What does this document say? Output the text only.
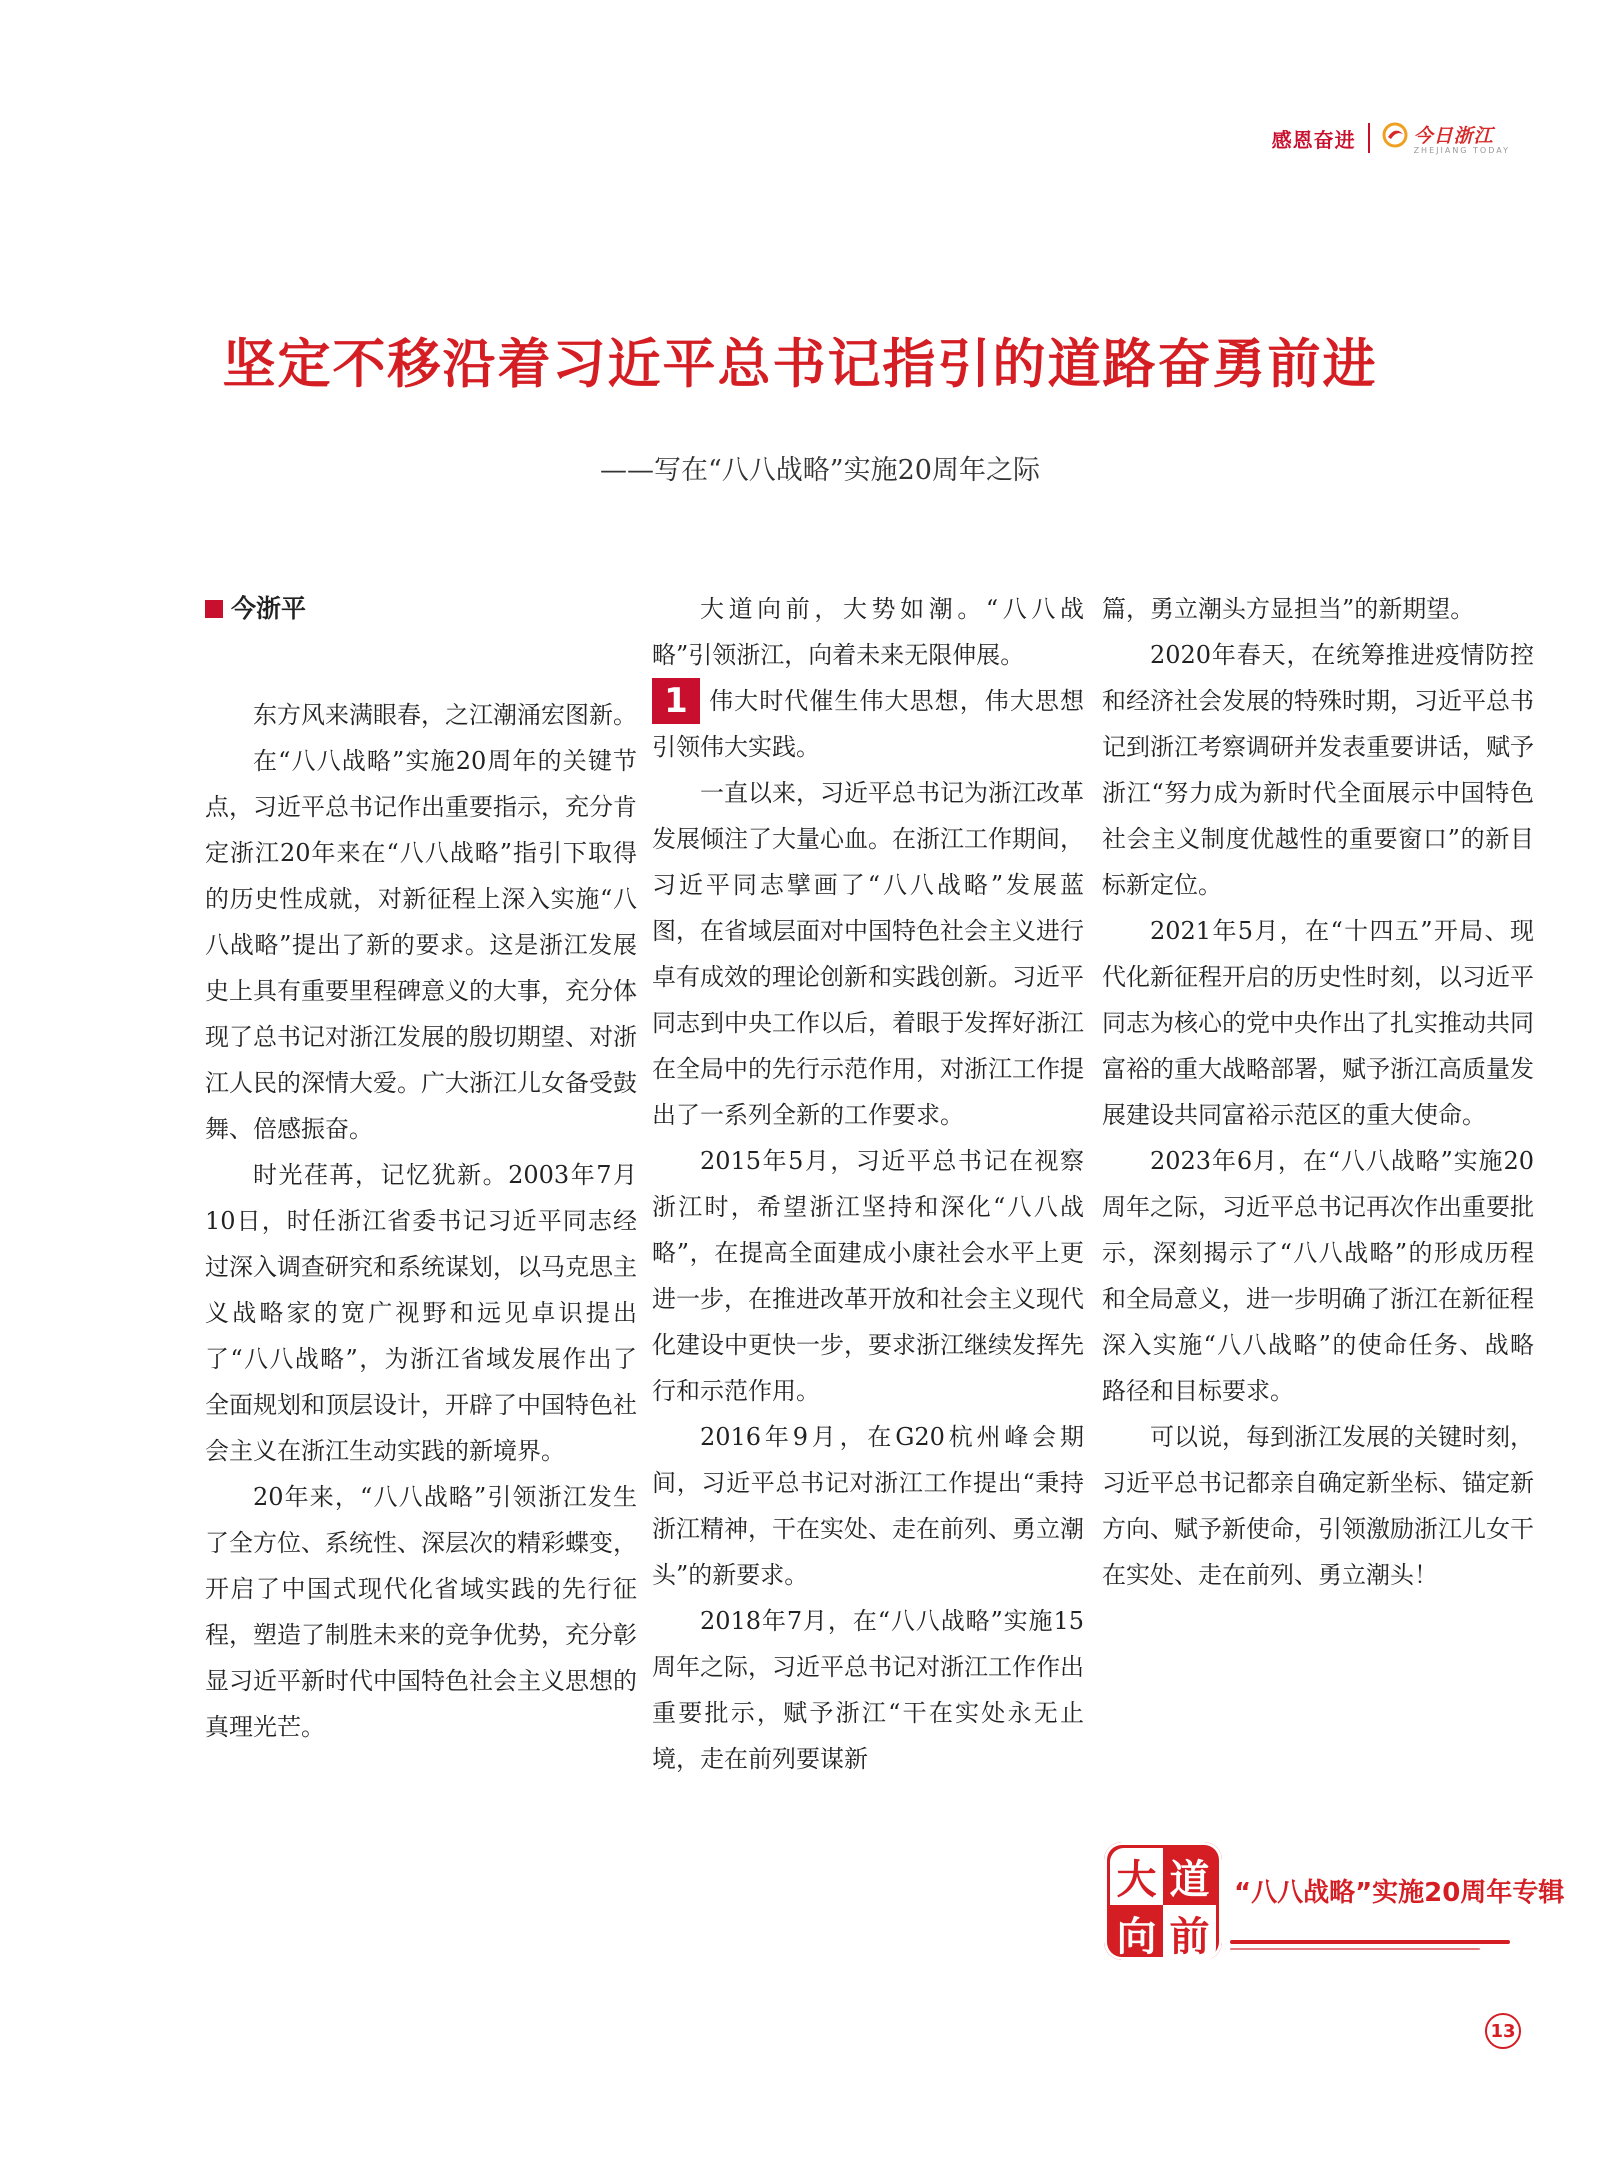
感恩奋进	今日浙江
ZHEJIANG TODAY
坚定不移沿着习近平总书记指引的道路奋勇前进

——写在“八八战略”实施20周年之际

今浙平

东方风来满眼春，之江潮涌宏图新。

在“八八战略”实施20周年的关键节点，习近平总书记作出重要指示，充分肯定浙江20年来在“八八战略”指引下取得的历史性成就，对新征程上深入实施“八八战略”提出了新的要求。这是浙江发展史上具有重要里程碑意义的大事，充分体现了总书记对浙江发展的殷切期望、对浙江人民的深情大爱。广大浙江儿女备受鼓舞、倍感振奋。

时光荏苒，记忆犹新。2003年7月10日，时任浙江省委书记习近平同志经过深入调查研究和系统谋划，以马克思主义战略家的宽广视野和远见卓识提出了“八八战略”，为浙江省域发展作出了全面规划和顶层设计，开辟了中国特色社会主义在浙江生动实践的新境界。

20年来，“八八战略”引领浙江发生了全方位、系统性、深层次的精彩蝶变，开启了中国式现代化省域实践的先行征程，塑造了制胜未来的竞争优势，充分彰显习近平新时代中国特色社会主义思想的真理光芒。

大道向前，大势如潮。“八八战略”引领浙江，向着未来无限伸展。

1 伟大时代催生伟大思想，伟大思想引领伟大实践。

一直以来，习近平总书记为浙江改革发展倾注了大量心血。在浙江工作期间，习近平同志擘画了“八八战略”发展蓝图，在省域层面对中国特色社会主义进行卓有成效的理论创新和实践创新。习近平同志到中央工作以后，着眼于发挥好浙江在全局中的先行示范作用，对浙江工作提出了一系列全新的工作要求。

2015年5月，习近平总书记在视察浙江时，希望浙江坚持和深化“八八战略”，在提高全面建成小康社会水平上更进一步，在推进改革开放和社会主义现代化建设中更快一步，要求浙江继续发挥先行和示范作用。

2016年9月，在G20杭州峰会期间，习近平总书记对浙江工作提出“秉持浙江精神，干在实处、走在前列、勇立潮头”的新要求。

2018年7月，在“八八战略”实施15周年之际，习近平总书记对浙江工作作出重要批示，赋予浙江“干在实处永无止境，走在前列要谋新

篇，勇立潮头方显担当”的新期望。

2020年春天，在统筹推进疫情防控和经济社会发展的特殊时期，习近平总书记到浙江考察调研并发表重要讲话，赋予浙江“努力成为新时代全面展示中国特色社会主义制度优越性的重要窗口”的新目标新定位。

2021年5月，在“十四五”开局、现代化新征程开启的历史性时刻，以习近平同志为核心的党中央作出了扎实推动共同富裕的重大战略部署，赋予浙江高质量发展建设共同富裕示范区的重大使命。

2023年6月，在“八八战略”实施20周年之际，习近平总书记再次作出重要批示，深刻揭示了“八八战略”的形成历程和全局意义，进一步明确了浙江在新征程深入实施“八八战略”的使命任务、战略路径和目标要求。

可以说，每到浙江发展的关键时刻，习近平总书记都亲自确定新坐标、锚定新方向、赋予新使命，引领激励浙江儿女干在实处、走在前列、勇立潮头！

大 道
向 前
“八八战略”实施20周年专辑
13
